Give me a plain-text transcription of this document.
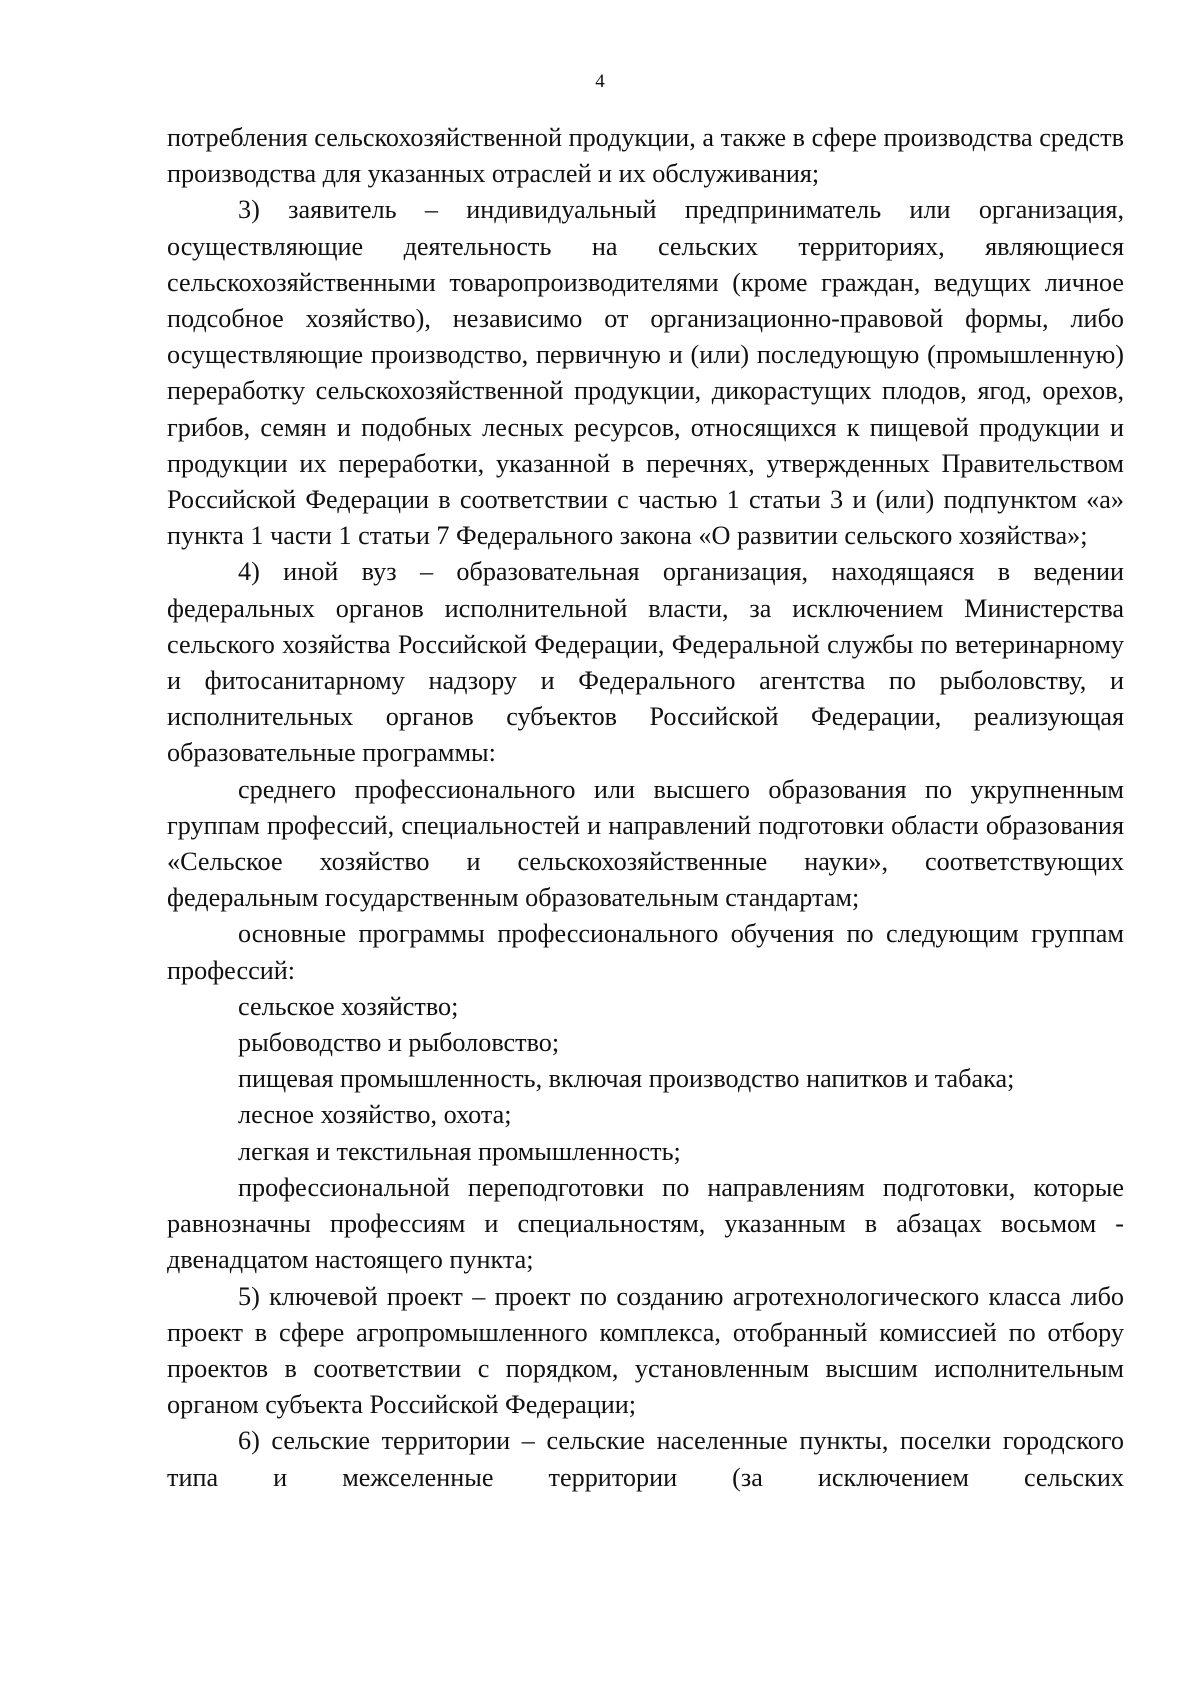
4

потребления сельскохозяйственной продукции, а также в сфере производства средств производства для указанных отраслей и их обслуживания;

3) заявитель – индивидуальный предприниматель или организация, осуществляющие деятельность на сельских территориях, являющиеся сельскохозяйственными товаропроизводителями (кроме граждан, ведущих личное подсобное хозяйство), независимо от организационно-правовой формы, либо осуществляющие производство, первичную и (или) последующую (промышленную) переработку сельскохозяйственной продукции, дикорастущих плодов, ягод, орехов, грибов, семян и подобных лесных ресурсов, относящихся к пищевой продукции и продукции их переработки, указанной в перечнях, утвержденных Правительством Российской Федерации в соответствии с частью 1 статьи 3 и (или) подпунктом «а» пункта 1 части 1 статьи 7 Федерального закона «О развитии сельского хозяйства»;

4) иной вуз – образовательная организация, находящаяся в ведении федеральных органов исполнительной власти, за исключением Министерства сельского хозяйства Российской Федерации, Федеральной службы по ветеринарному и фитосанитарному надзору и Федерального агентства по рыболовству, и исполнительных органов субъектов Российской Федерации, реализующая образовательные программы:

среднего профессионального или высшего образования по укрупненным группам профессий, специальностей и направлений подготовки области образования «Сельское хозяйство и сельскохозяйственные науки», соответствующих федеральным государственным образовательным стандартам;

основные программы профессионального обучения по следующим группам профессий:

сельское хозяйство;

рыбоводство и рыболовство;

пищевая промышленность, включая производство напитков и табака;

лесное хозяйство, охота;

легкая и текстильная промышленность;

профессиональной переподготовки по направлениям подготовки, которые равнозначны профессиям и специальностям, указанным в абзацах восьмом - двенадцатом настоящего пункта;

5) ключевой проект – проект по созданию агротехнологического класса либо проект в сфере агропромышленного комплекса, отобранный комиссией по отбору проектов в соответствии с порядком, установленным высшим исполнительным органом субъекта Российской Федерации;

6) сельские территории – сельские населенные пункты, поселки городского типа и межселенные территории (за исключением сельских
